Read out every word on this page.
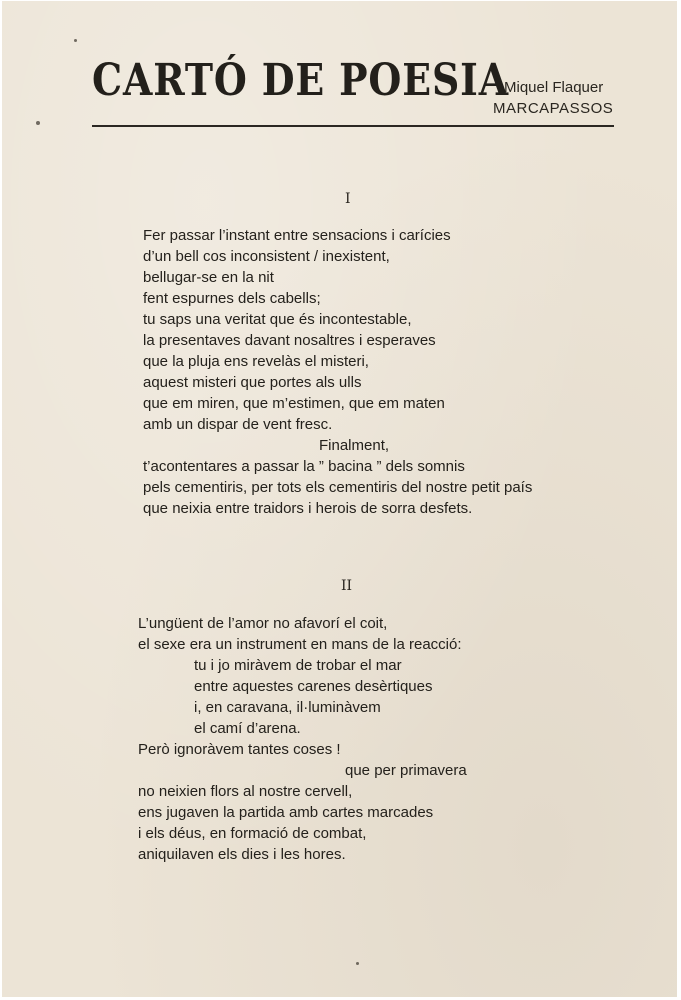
CARTÓ DE POESIA
Miquel Flaquer
MARCAPASSOS
I
Fer passar l’instant entre sensacions i carícies
d’un bell cos inconsistent / inexistent,
bellugar-se en la nit
fent espurnes dels cabells;
tu saps una veritat que és incontestable,
la presentaves davant nosaltres i esperaves
que la pluja ens revelàs el misteri,
aquest misteri que portes als ulls
que em miren, que m’estimen, que em maten
amb un dispar de vent fresc.
Finalment,
t’acontentares a passar la ” bacina ” dels somnis
pels cementiris, per tots els cementiris del nostre petit país
que neixia entre traidors i herois de sorra desfets.
II
L’ungüent de l’amor no afavorí el coit,
el sexe era un instrument en mans de la reacció:
tu i jo miràvem de trobar el mar
entre aquestes carenes desèrtiques
i, en caravana, il·luminàvem
el camí d’arena.
Però ignoràvem tantes coses !
que per primavera
no neixien flors al nostre cervell,
ens jugaven la partida amb cartes marcades
i els déus, en formació de combat,
aniquilaven els dies i les hores.
